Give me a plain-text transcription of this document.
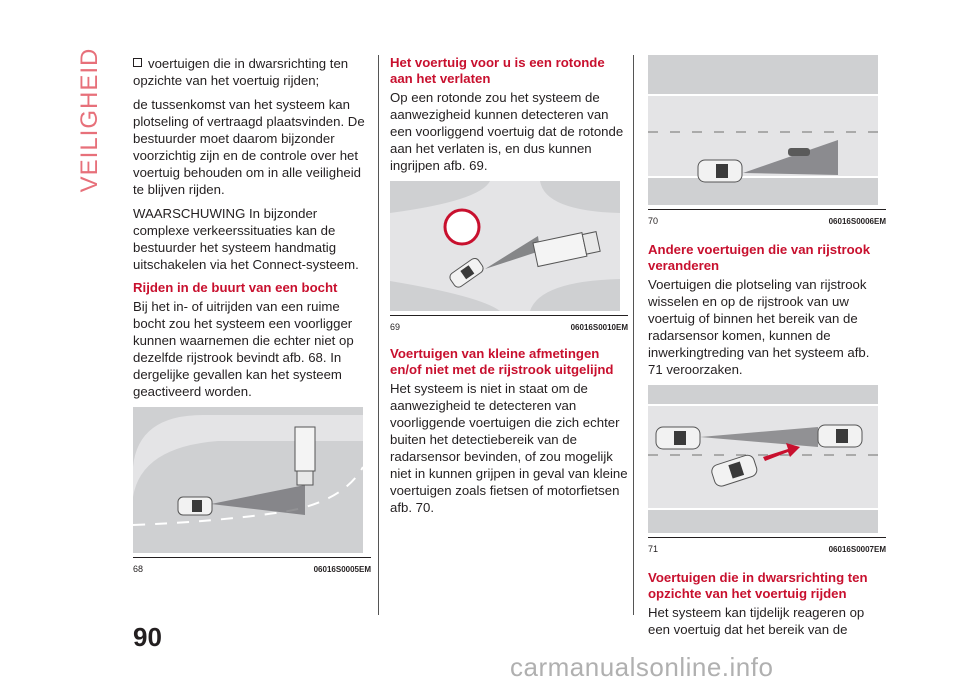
VEILIGHEID	voertuigen die in dwarsrichting ten opzichte van het voertuig rijden;

de tussenkomst van het systeem kan plotseling of vertraagd plaatsvinden. De bestuurder moet daarom bijzonder voorzichtig zijn en de controle over het voertuig behouden om in alle veiligheid te blijven rijden.

WAARSCHUWING In bijzonder complexe verkeerssituaties kan de bestuurder het systeem handmatig uitschakelen via het Connect-systeem.

Rijden in de buurt van een bocht

Bij het in- of uitrijden van een ruime bocht zou het systeem een voorligger kunnen waarnemen die echter niet op dezelfde rijstrook bevindt afb. 68. In dergelijke gevallen kan het systeem geactiveerd worden.

68	06016S0005EM
Het voertuig voor u is een rotonde aan het verlaten

Op een rotonde zou het systeem de aanwezigheid kunnen detecteren van een voorliggend voertuig dat de rotonde aan het verlaten is, en dus kunnen ingrijpen afb. 69.

69	06016S0010EM
Voertuigen van kleine afmetingen en/of niet met de rijstrook uitgelijnd

Het systeem is niet in staat om de aanwezigheid te detecteren van voorliggende voertuigen die zich echter buiten het detectiebereik van de radarsensor bevinden, of zou mogelijk niet in kunnen grijpen in geval van kleine voertuigen zoals fietsen of motorfietsen afb. 70.

70	06016S0006EM
Andere voertuigen die van rijstrook veranderen

Voertuigen die plotseling van rijstrook wisselen en op de rijstrook van uw voertuig of binnen het bereik van de radarsensor komen, kunnen de inwerkingtreding van het systeem afb. 71 veroorzaken.

71	06016S0007EM
Voertuigen die in dwarsrichting ten opzichte van het voertuig rijden

Het systeem kan tijdelijk reageren op een voertuig dat het bereik van de

90
carmanualsonline.info
